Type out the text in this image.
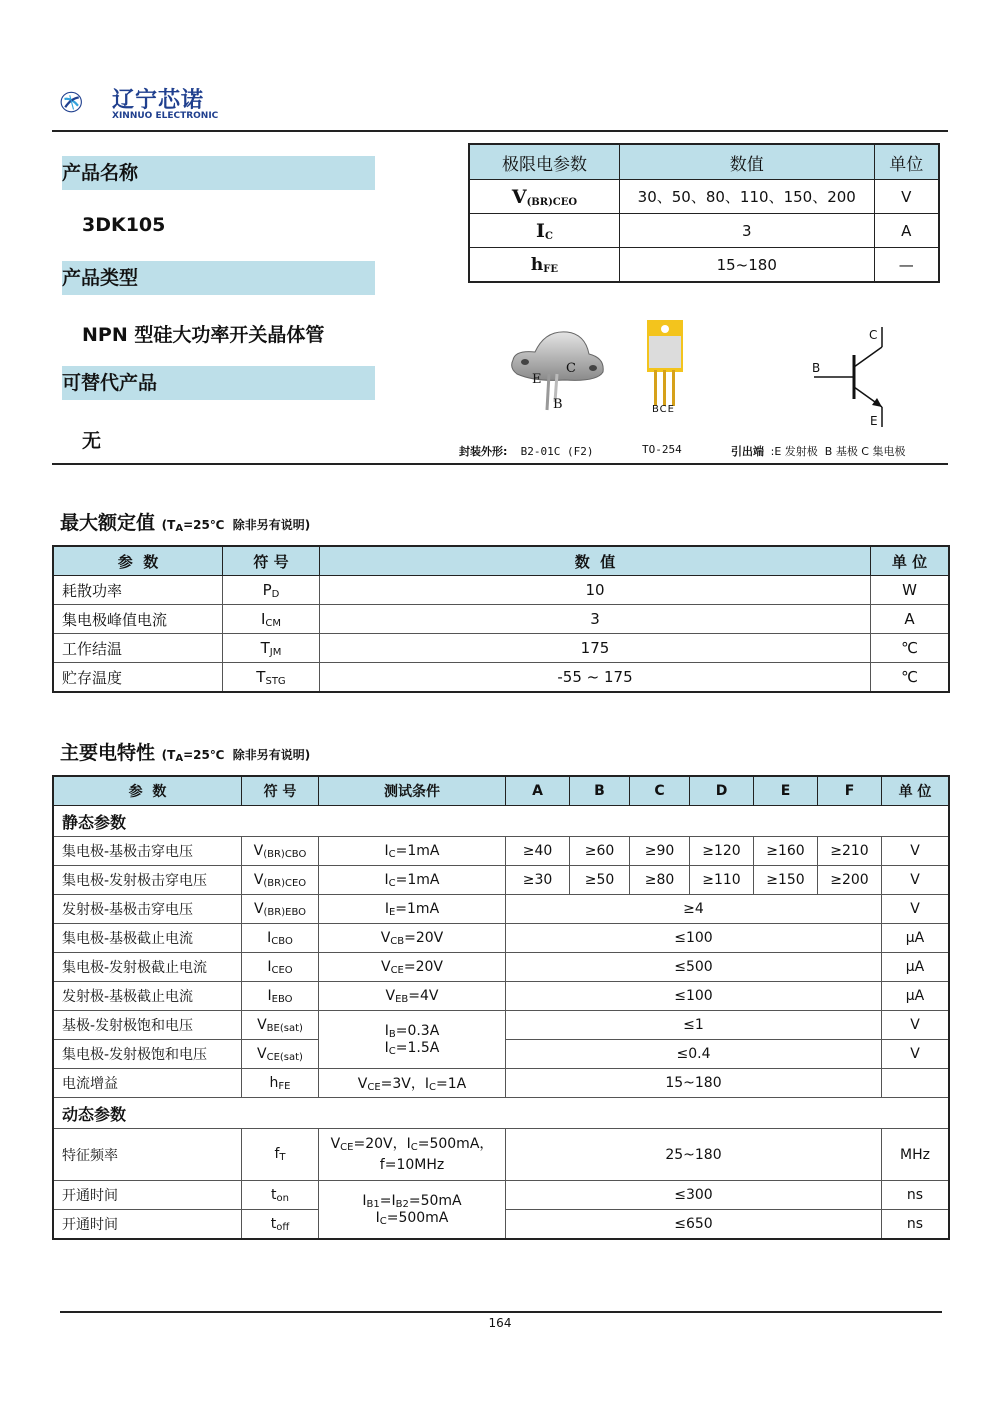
辽宁芯诺
XINNUO ELECTRONIC
产品名称
3DK105
产品类型
NPN 型硅大功率开关晶体管
可替代产品
无
极限电参数	数值	单位
$V_{(BR)CEO}$	30、50、80、110、150、200	V
$I_C$	3	A
$h_{FE}$	15~180	—
E
C
B	BCE
C
B
E
封装外形: B2-01C (F2)	TO-254	引出端 :E 发射极  B 基极 C 集电极
最大额定值 ($T_A=25℃$  除非另有说明)
参  数	符 号	数  值	单 位
耗散功率	$P_D$	10	W
集电极峰值电流	$I_{CM}$	3	A
工作结温	$T_{JM}$	175	℃
贮存温度	$T_{STG}$	-55 ~ 175	℃
主要电特性 ($T_A=25℃$  除非另有说明)
参  数	符 号	测试条件	A	B	C	D	E	F	单 位
静态参数									
集电极-基极击穿电压	$V_{(BR)CBO}$	$I_C=1mA$	≥40	≥60	≥90	≥120	≥160	≥210	V
集电极-发射极击穿电压	$V_{(BR)CEO}$	$I_C=1mA$	≥30	≥50	≥80	≥110	≥150	≥200	V
发射极-基极击穿电压	$V_{(BR)EBO}$	$I_E=1mA$	≥4						V
集电极-基极截止电流	$I_{CBO}$	$V_{CB}=20V$	≤100						μA
集电极-发射极截止电流	$I_{CEO}$	$V_{CE}=20V$	≤500						μA
发射极-基极截止电流	$I_{EBO}$	$V_{EB}=4V$	≤100						μA
基极-发射极饱和电压	$V_{BE(sat)}$	$I_B=0.3A$
$I_C=1.5A$	≤1						V
集电极-发射极饱和电压	$V_{CE(sat)}$		≤0.4						V
电流增益	$h_{FE}$	$V_{CE}=3V$，$I_C=1A$	15~180						
动态参数									
特征频率	$f_T$	$V_{CE}=20V$，$I_C=500mA$，
f=10MHz	25~180						MHz
开通时间	$t_{on}$	$I_{B1}=I_{B2}=50mA$
$I_C=500mA$	≤300						ns
开通时间	$t_{off}$		≤650						ns
164
